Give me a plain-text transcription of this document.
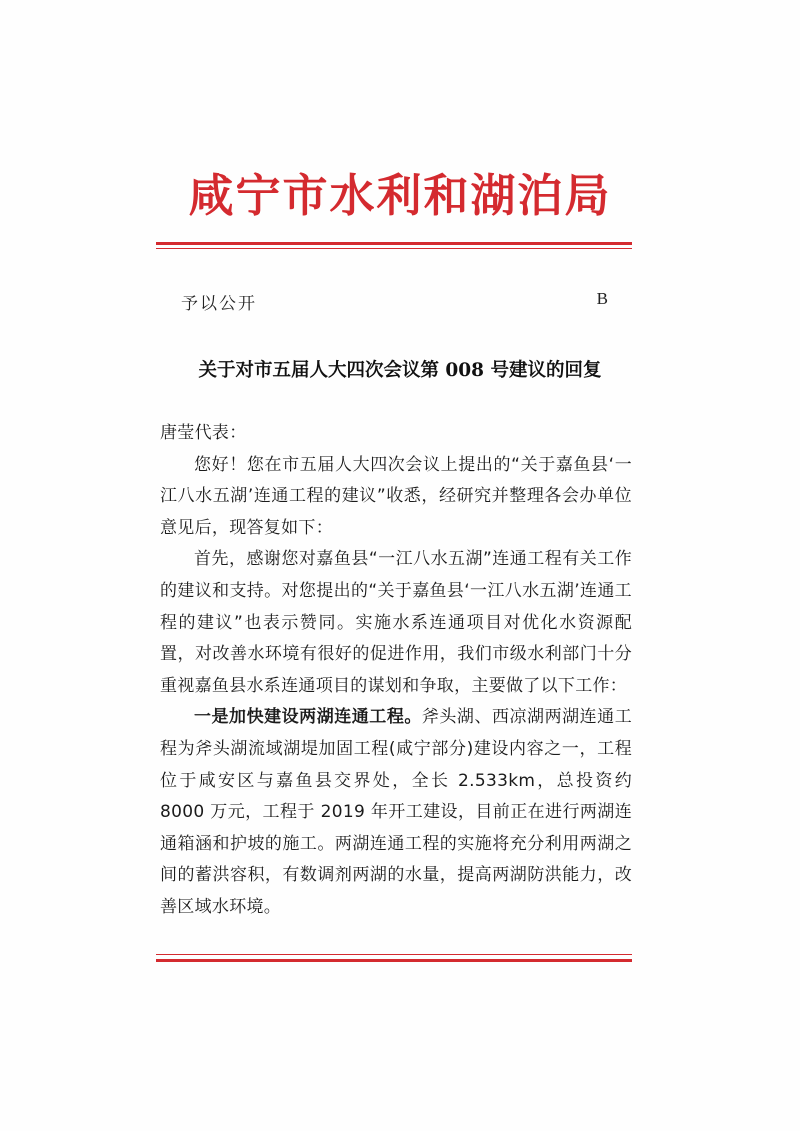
咸宁市水利和湖泊局
予以公开	B
关于对市五届人大四次会议第 008 号建议的回复

唐莹代表：

您好！您在市五届人大四次会议上提出的“关于嘉鱼县‘一江八水五湖’连通工程的建议”收悉，经研究并整理各会办单位意见后，现答复如下：

首先，感谢您对嘉鱼县“一江八水五湖”连通工程有关工作的建议和支持。对您提出的“关于嘉鱼县‘一江八水五湖’连通工程的建议”也表示赞同。实施水系连通项目对优化水资源配置，对改善水环境有很好的促进作用，我们市级水利部门十分重视嘉鱼县水系连通项目的谋划和争取，主要做了以下工作：

一是加快建设两湖连通工程。斧头湖、西凉湖两湖连通工程为斧头湖流域湖堤加固工程(咸宁部分)建设内容之一，工程位于咸安区与嘉鱼县交界处，全长 2.533km，总投资约 8000 万元，工程于 2019 年开工建设，目前正在进行两湖连通箱涵和护坡的施工。两湖连通工程的实施将充分利用两湖之间的蓄洪容积，有数调剂两湖的水量，提高两湖防洪能力，改善区域水环境。
